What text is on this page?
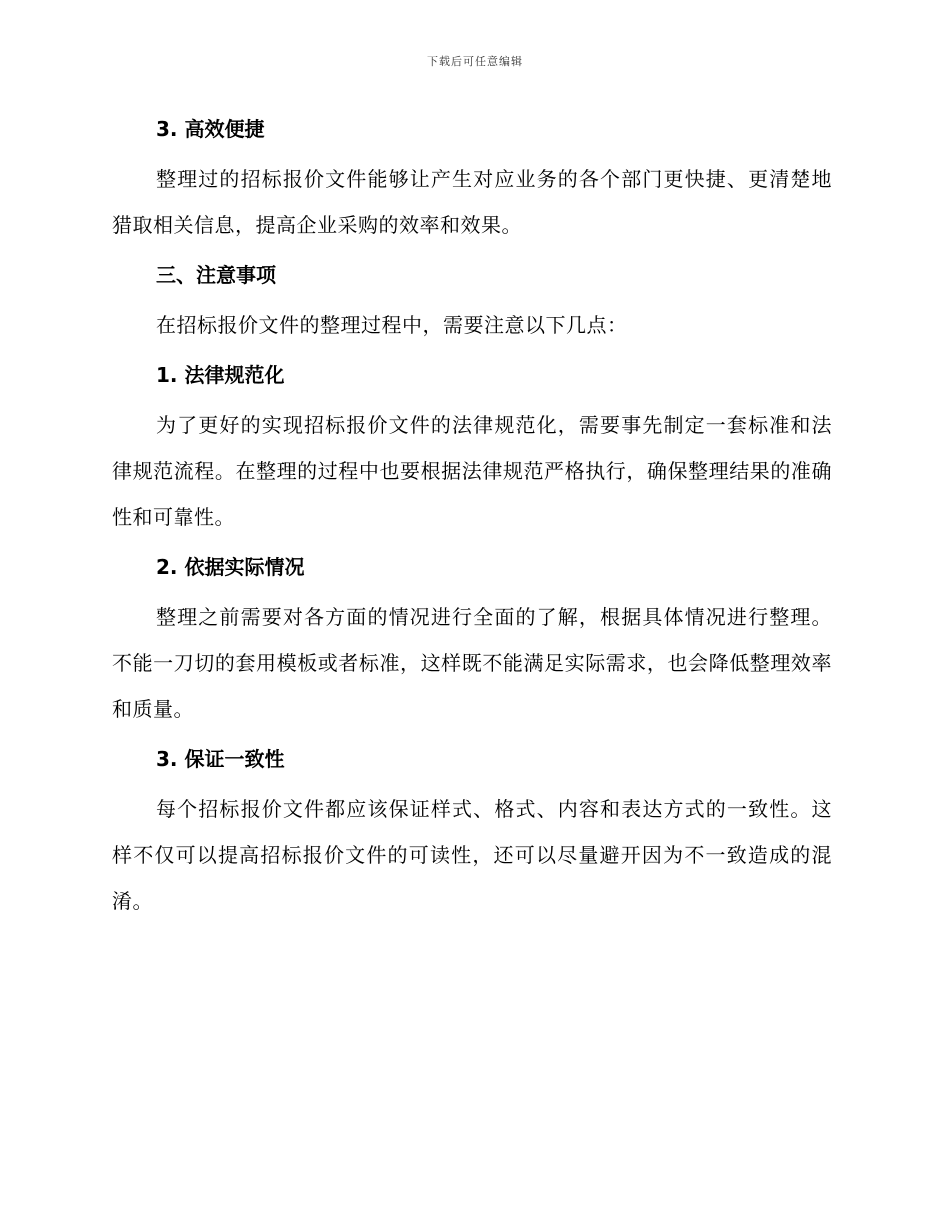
下载后可任意编辑

3. 高效便捷

整理过的招标报价文件能够让产生对应业务的各个部门更快捷、更清楚地猎取相关信息，提高企业采购的效率和效果。

三、注意事项

在招标报价文件的整理过程中，需要注意以下几点：

1. 法律规范化

为了更好的实现招标报价文件的法律规范化，需要事先制定一套标准和法律规范流程。在整理的过程中也要根据法律规范严格执行，确保整理结果的准确性和可靠性。

2. 依据实际情况

整理之前需要对各方面的情况进行全面的了解，根据具体情况进行整理。不能一刀切的套用模板或者标准，这样既不能满足实际需求，也会降低整理效率和质量。

3. 保证一致性

每个招标报价文件都应该保证样式、格式、内容和表达方式的一致性。这样不仅可以提高招标报价文件的可读性，还可以尽量避开因为不一致造成的混淆。
